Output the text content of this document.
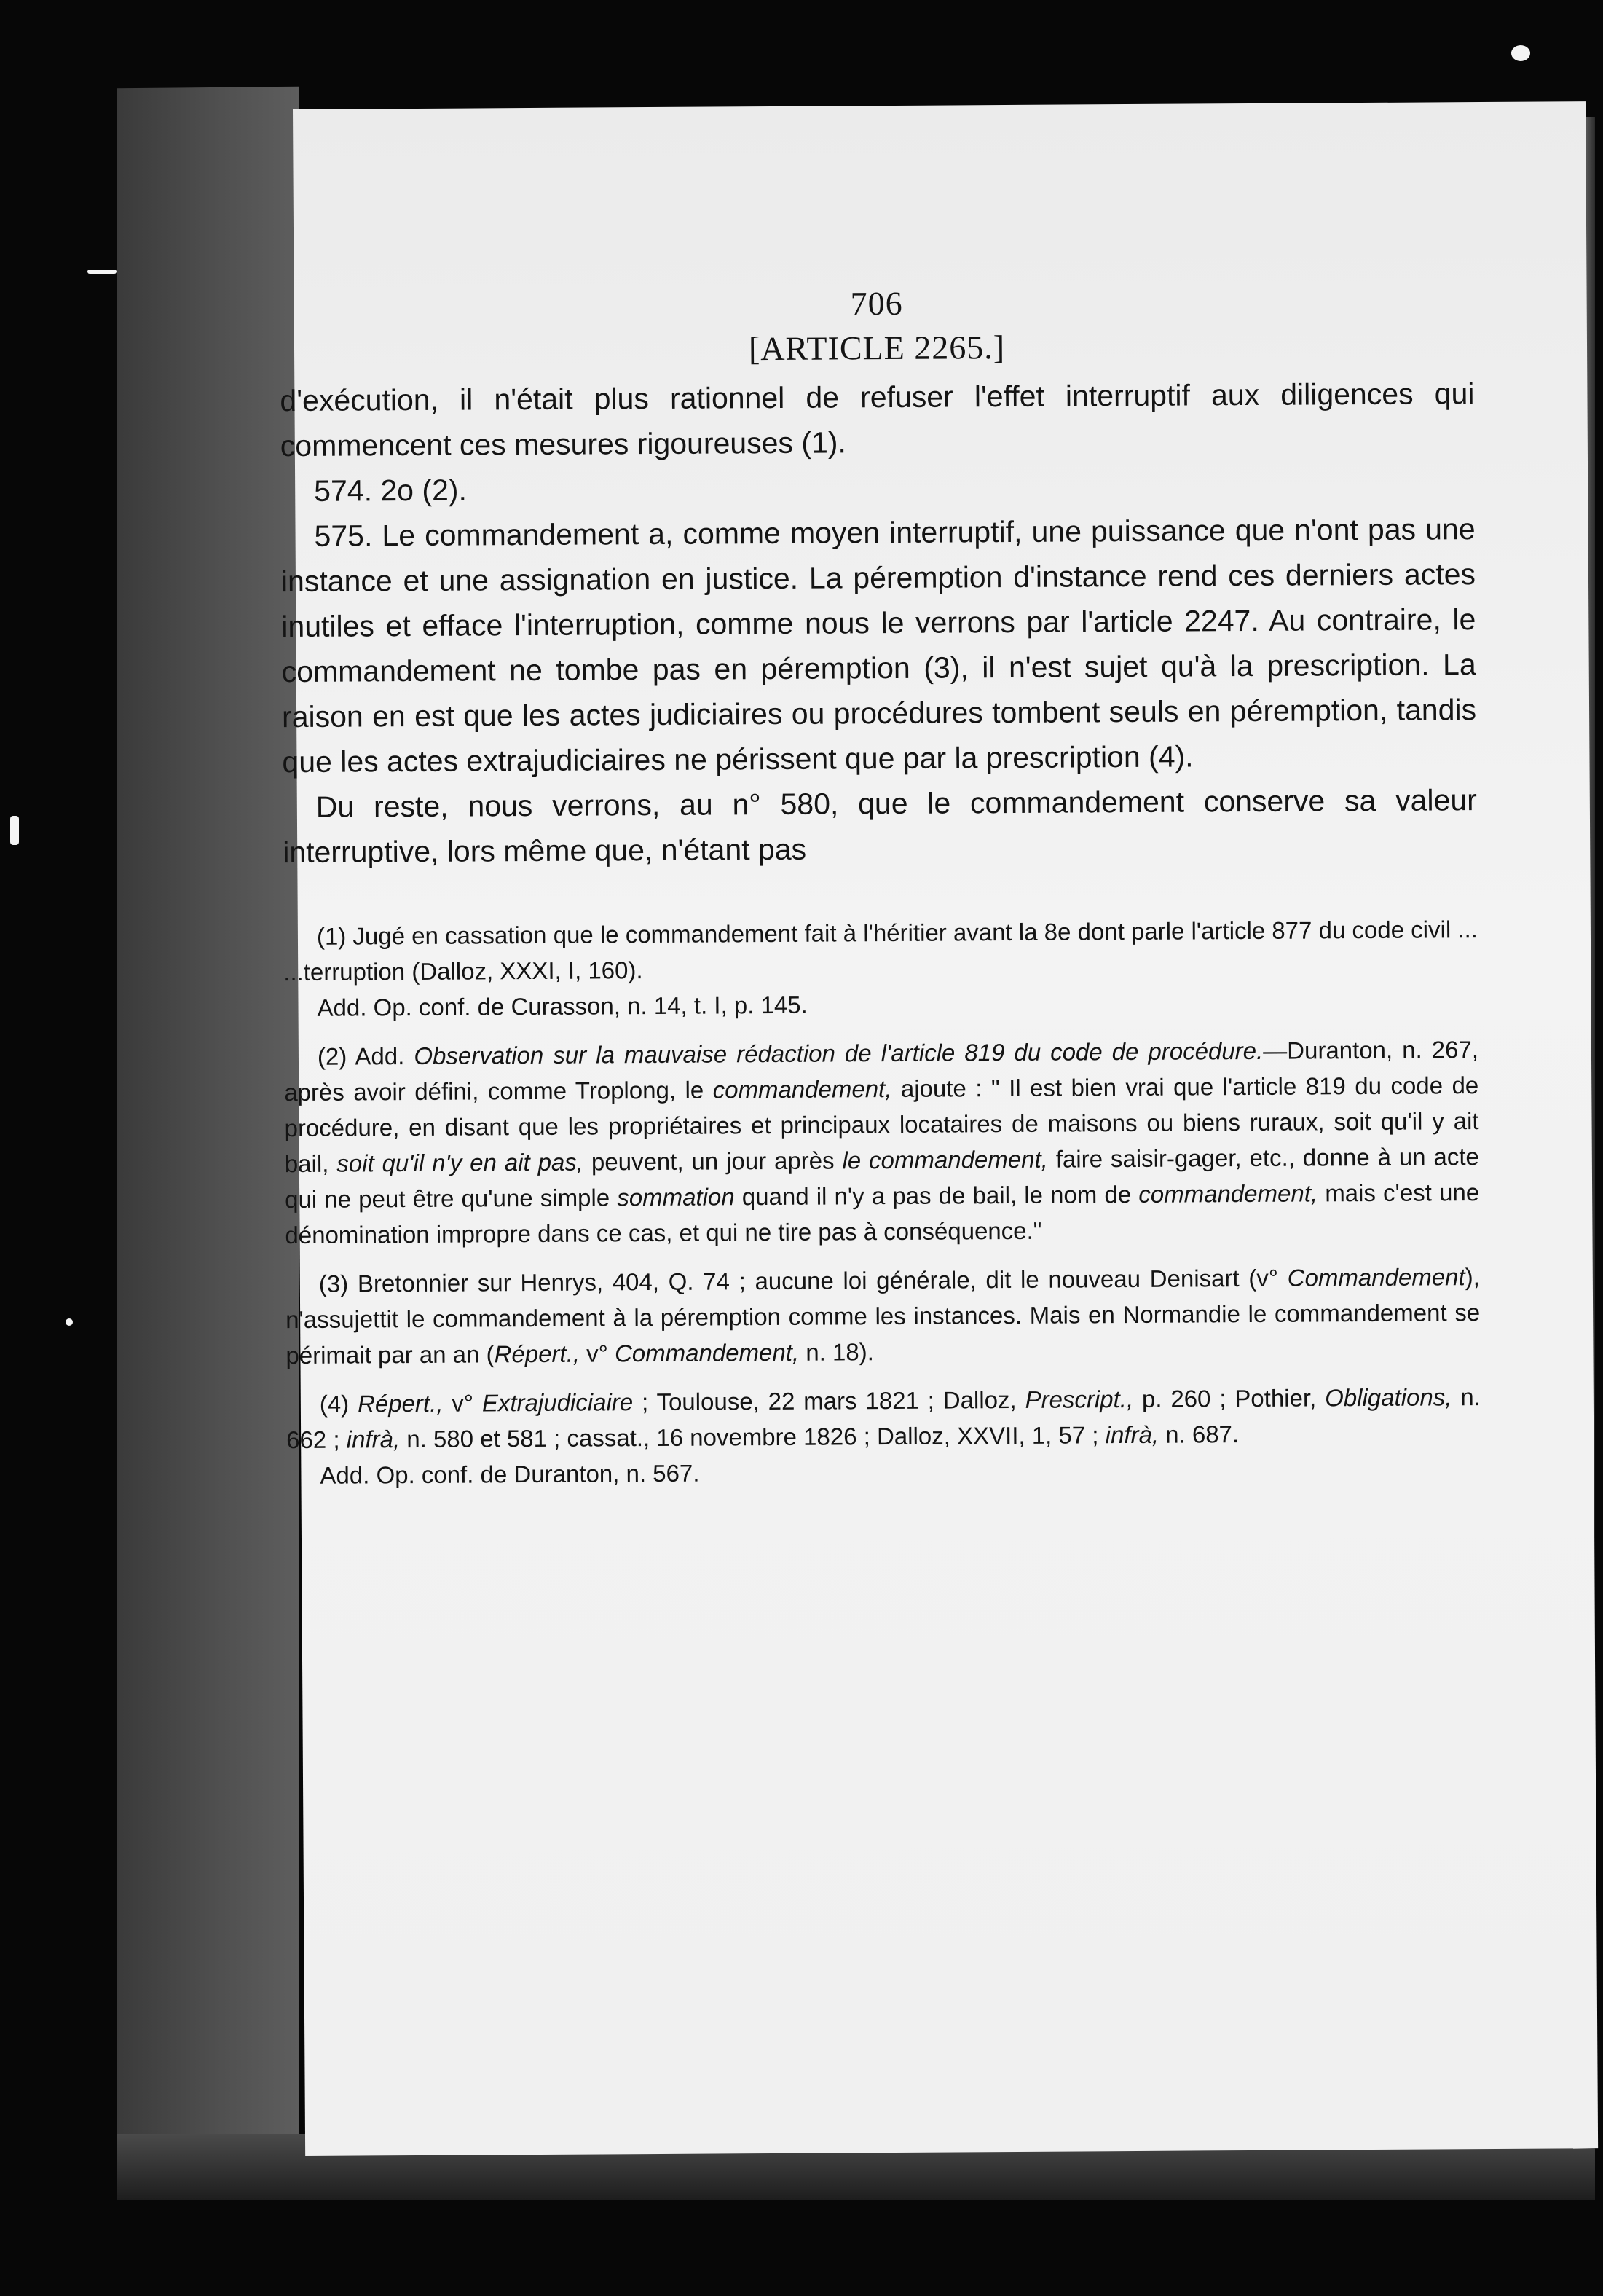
706
[ARTICLE 2265.]

d'exécution, il n'était plus rationnel de refuser l'effet interruptif aux diligences qui commencent ces mesures rigoureuses (1).

574. 2o (2).

575. Le commandement a, comme moyen interruptif, une puissance que n'ont pas une instance et une assignation en justice. La péremption d'instance rend ces derniers actes inutiles et efface l'interruption, comme nous le verrons par l'article 2247. Au contraire, le commandement ne tombe pas en péremption (3), il n'est sujet qu'à la prescription. La raison en est que les actes judiciaires ou procédures tombent seuls en péremption, tandis que les actes extrajudiciaires ne périssent que par la prescription (4).

Du reste, nous verrons, au n° 580, que le commandement conserve sa valeur interruptive, lors même que, n'étant pas

(1) Jugé en cassation que le commandement fait à l'héritier avant la 8e dont parle l'article 877 du code civil ... ...terruption (Dalloz, XXXI, I, 160).

Add. Op. conf. de Curasson, n. 14, t. I, p. 145.

(2) Add. Observation sur la mauvaise rédaction de l'article 819 du code de procédure.—Duranton, n. 267, après avoir défini, comme Troplong, le commandement, ajoute : " Il est bien vrai que l'article 819 du code de procédure, en disant que les propriétaires et principaux locataires de maisons ou biens ruraux, soit qu'il y ait bail, soit qu'il n'y en ait pas, peuvent, un jour après le commandement, faire saisir-gager, etc., donne à un acte qui ne peut être qu'une simple sommation quand il n'y a pas de bail, le nom de commandement, mais c'est une dénomination impropre dans ce cas, et qui ne tire pas à conséquence."

(3) Bretonnier sur Henrys, 404, Q. 74 ; aucune loi générale, dit le nouveau Denisart (v° Commandement), n'assujettit le commandement à la péremption comme les instances. Mais en Normandie le commandement se périmait par an an (Répert., v° Commandement, n. 18).

(4) Répert., v° Extrajudiciaire ; Toulouse, 22 mars 1821 ; Dalloz, Prescript., p. 260 ; Pothier, Obligations, n. 662 ; infrà, n. 580 et 581 ; cassat., 16 novembre 1826 ; Dalloz, XXVII, 1, 57 ; infrà, n. 687.

Add. Op. conf. de Duranton, n. 567.
